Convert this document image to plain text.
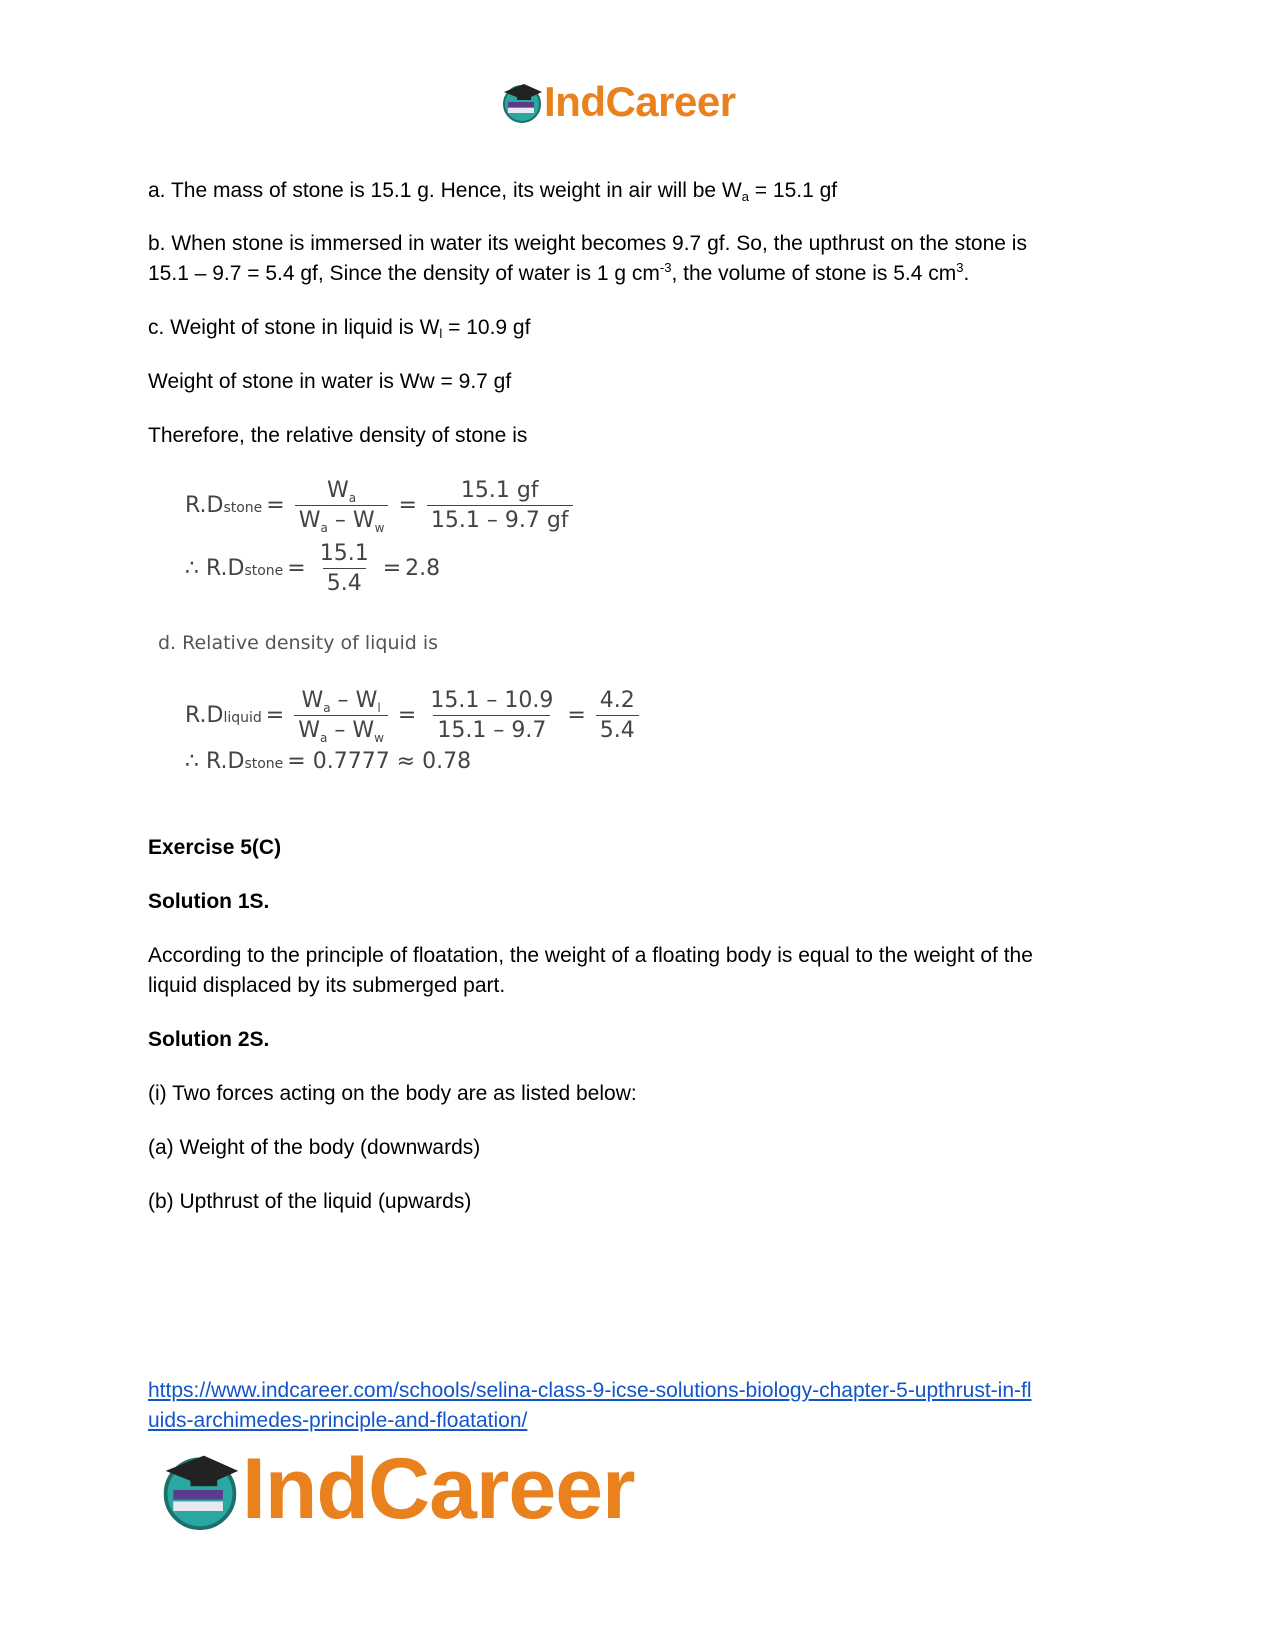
IndCareer
a. The mass of stone is 15.1 g. Hence, its weight in air will be $W_a = 15.1$ gf
b. When stone is immersed in water its weight becomes 9.7 gf. So, the upthrust on the stone is
15.1 – 9.7 = 5.4 gf, Since the density of water is 1 g $cm^{-3}$, the volume of stone is 5.4 $cm^3$.
c. Weight of stone in liquid is $W_l = 10.9$ gf
Weight of stone in water is Ww = 9.7 gf
Therefore, the relative density of stone is
R.D stone = $\frac{W_a}{W_a - W_w} = \frac{15.1 gf}{15.1 - 9.7 gf}$
∴ R.D stone = $\frac{15.1}{5.4} = 2.8$
d. Relative density of liquid is
R.D liquid = $\frac{W_a - W_l}{W_a - W_w} = \frac{15.1 - 10.9}{15.1 - 9.7} = \frac{4.2}{5.4}$
∴ R.D stone = 0.7777 ≈ 0.78
Exercise 5(C)
Solution 1S.
According to the principle of floatation, the weight of a floating body is equal to the weight of the
liquid displaced by its submerged part.
Solution 2S.
(i) Two forces acting on the body are as listed below:
(a) Weight of the body (downwards)
(b) Upthrust of the liquid (upwards)
https://www.indcareer.com/schools/selina-class-9-icse-solutions-biology-chapter-5-upthrust-in-fl
uids-archimedes-principle-and-floatation/
IndCareer
